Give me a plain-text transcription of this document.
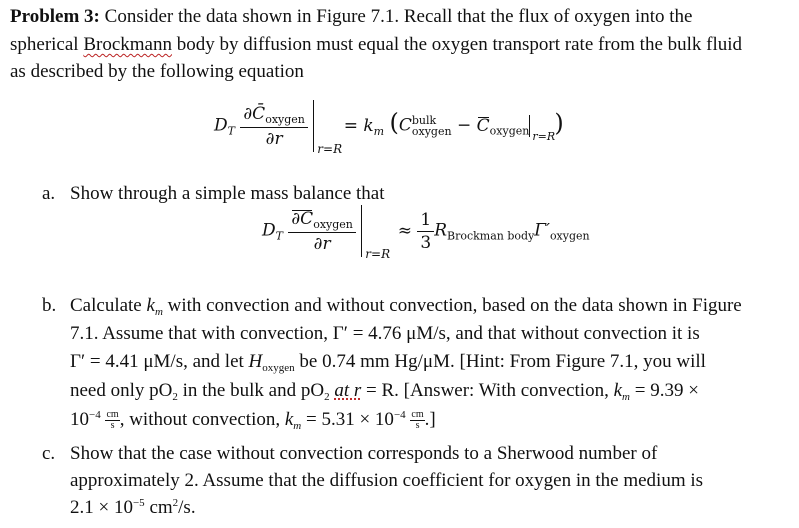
Problem 3: Consider the data shown in Figure 7.1. Recall that the flux of oxygen into the
spherical Brockmann body by diffusion must equal the oxygen transport rate from the bulk fluid
as described by the following equation
$D_T \frac{\partial C̄_{oxygen}}{\partial r}$

r=R
= $k_m$ (C bulk
oxygen − $C_{oxygen}$ r=R )
a. Show through a simple mass balance that
$D_T \frac{\partial C_{oxygen}}{\partial r}$

r=R
≈ $\frac{1}{3} R_{Brockman body}\Gamma'_{oxygen}$
b. Calculate $k_m$ with convection and without convection, based on the data shown in Figure
7.1. Assume that with convection, Γ′ = 4.76 μM/s, and that without convection it is
Γ′ = 4.41 μM/s, and let $H_{oxygen}$ be 0.74 mm Hg/μM. [Hint: From Figure 7.1, you will
need only $pO_2$ in the bulk and $pO_2$ at r = R. [Answer: With convection, $k_m = 9.39$ ×
$10^{-4} \frac{cm}{s}$ , without convection, $k_m = 5.31 \times 10^{-4} \frac{cm}{s}$ .]
c. Show that the case without convection corresponds to a Sherwood number of
approximately 2. Assume that the diffusion coefficient for oxygen in the medium is
$2.1 \times 10^{-5}$ $cm^2/s$.
